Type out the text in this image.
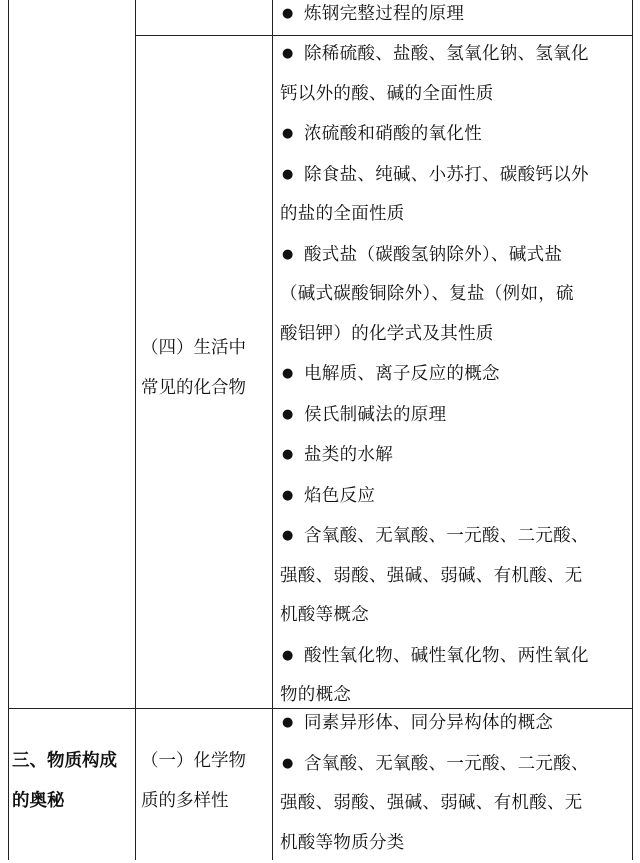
● 炼钢完整过程的原理

（四）生活中

常见的化合物

● 除稀硫酸、盐酸、氢氧化钠、氢氧化

钙以外的酸、碱的全面性质

● 浓硫酸和硝酸的氧化性

● 除食盐、纯碱、小苏打、碳酸钙以外

的盐的全面性质

● 酸式盐（碳酸氢钠除外）、碱式盐

（碱式碳酸铜除外）、复盐（例如，硫

酸铝钾）的化学式及其性质

● 电解质、离子反应的概念

● 侯氏制碱法的原理

● 盐类的水解

● 焰色反应

● 含氧酸、无氧酸、一元酸、二元酸、

强酸、弱酸、强碱、弱碱、有机酸、无

机酸等概念

● 酸性氧化物、碱性氧化物、两性氧化

物的概念

三、物质构成

的奥秘

（一）化学物

质的多样性

● 同素异形体、同分异构体的概念

● 含氧酸、无氧酸、一元酸、二元酸、

强酸、弱酸、强碱、弱碱、有机酸、无

机酸等物质分类
